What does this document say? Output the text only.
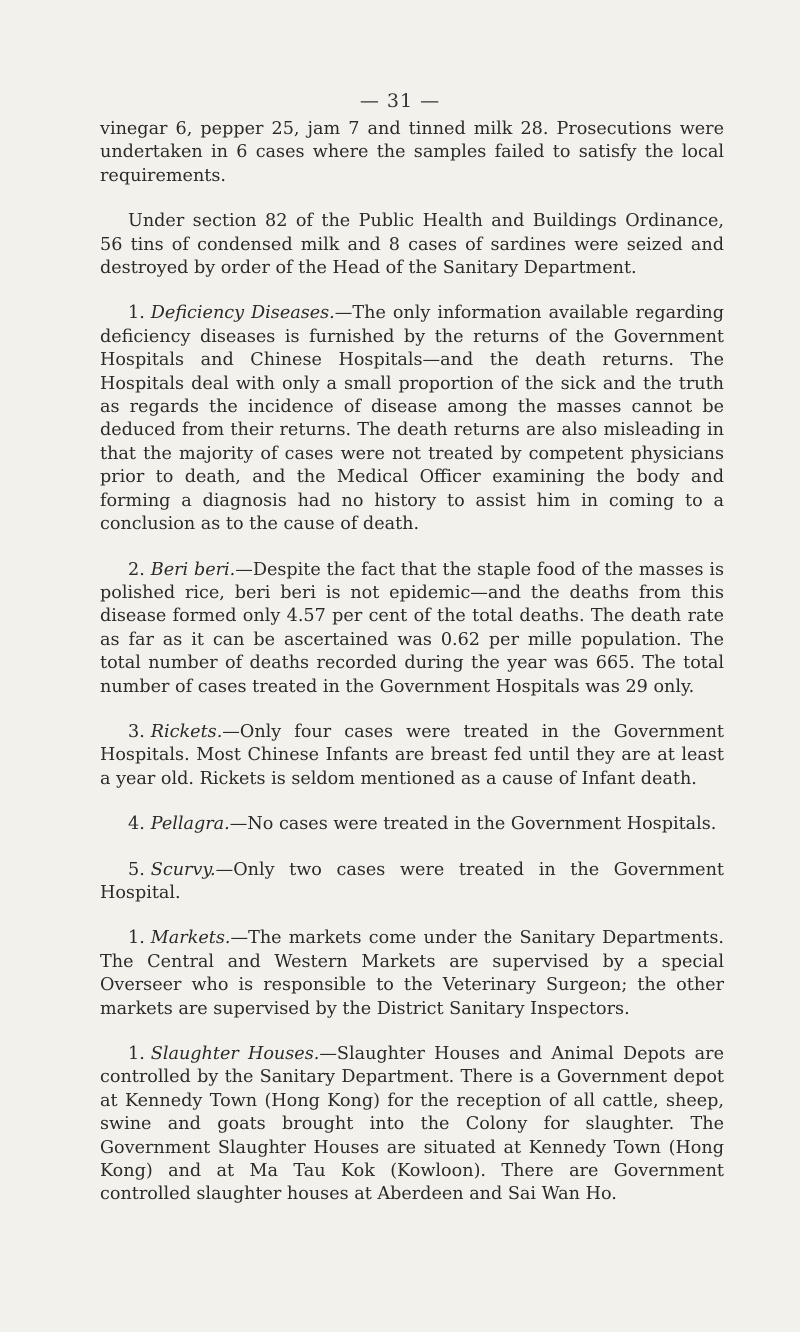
— 31 —

vinegar 6, pepper 25, jam 7 and tinned milk 28. Prosecutions were undertaken in 6 cases where the samples failed to satisfy the local requirements.

Under section 82 of the Public Health and Buildings Ordinance, 56 tins of condensed milk and 8 cases of sardines were seized and destroyed by order of the Head of the Sanitary Department.

1. Deficiency Diseases.—The only information available regarding deficiency diseases is furnished by the returns of the Government Hospitals and Chinese Hospitals—and the death returns. The Hospitals deal with only a small proportion of the sick and the truth as regards the incidence of disease among the masses cannot be deduced from their returns. The death returns are also misleading in that the majority of cases were not treated by competent physicians prior to death, and the Medical Officer examining the body and forming a diagnosis had no history to assist him in coming to a conclusion as to the cause of death.

2. Beri beri.—Despite the fact that the staple food of the masses is polished rice, beri beri is not epidemic—and the deaths from this disease formed only 4.57 per cent of the total deaths. The death rate as far as it can be ascertained was 0.62 per mille population. The total number of deaths recorded during the year was 665. The total number of cases treated in the Government Hospitals was 29 only.

3. Rickets.—Only four cases were treated in the Government Hospitals. Most Chinese Infants are breast fed until they are at least a year old. Rickets is seldom mentioned as a cause of Infant death.

4. Pellagra.—No cases were treated in the Government Hospitals.

5. Scurvy.—Only two cases were treated in the Government Hospital.

1. Markets.—The markets come under the Sanitary Departments. The Central and Western Markets are supervised by a special Overseer who is responsible to the Veterinary Surgeon; the other markets are supervised by the District Sanitary Inspectors.

1. Slaughter Houses.—Slaughter Houses and Animal Depots are controlled by the Sanitary Department. There is a Government depot at Kennedy Town (Hong Kong) for the reception of all cattle, sheep, swine and goats brought into the Colony for slaughter. The Government Slaughter Houses are situated at Kennedy Town (Hong Kong) and at Ma Tau Kok (Kowloon). There are Government controlled slaughter houses at Aberdeen and Sai Wan Ho.
